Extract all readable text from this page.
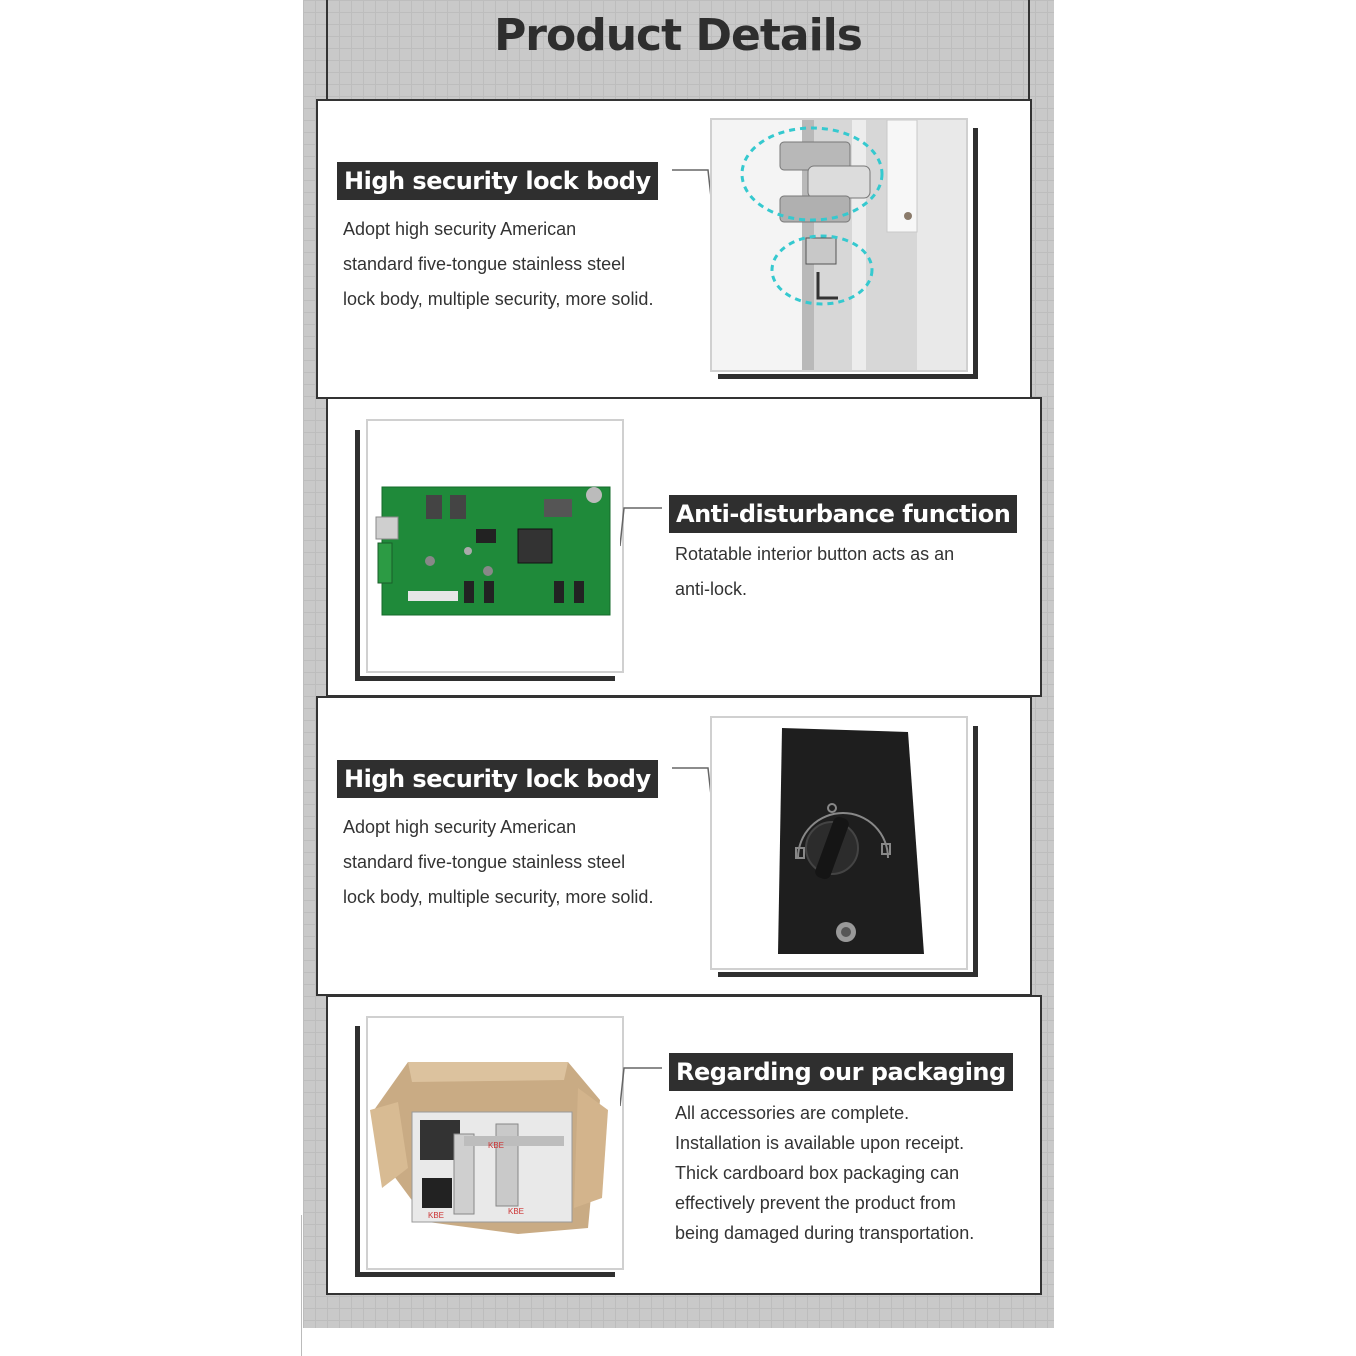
Product Details
High security lock body
Adopt high security American
standard five-tongue stainless steel
lock body, multiple security, more solid.
Anti-disturbance function
Rotatable interior button acts as an
anti-lock.
High security lock body
Adopt high security American
standard five-tongue stainless steel
lock body, multiple security, more solid.
Regarding our packaging
All accessories are complete.
Installation is available upon receipt.
Thick cardboard box packaging can
effectively prevent the product from
being damaged during transportation.
KBE
KBE	KBE
